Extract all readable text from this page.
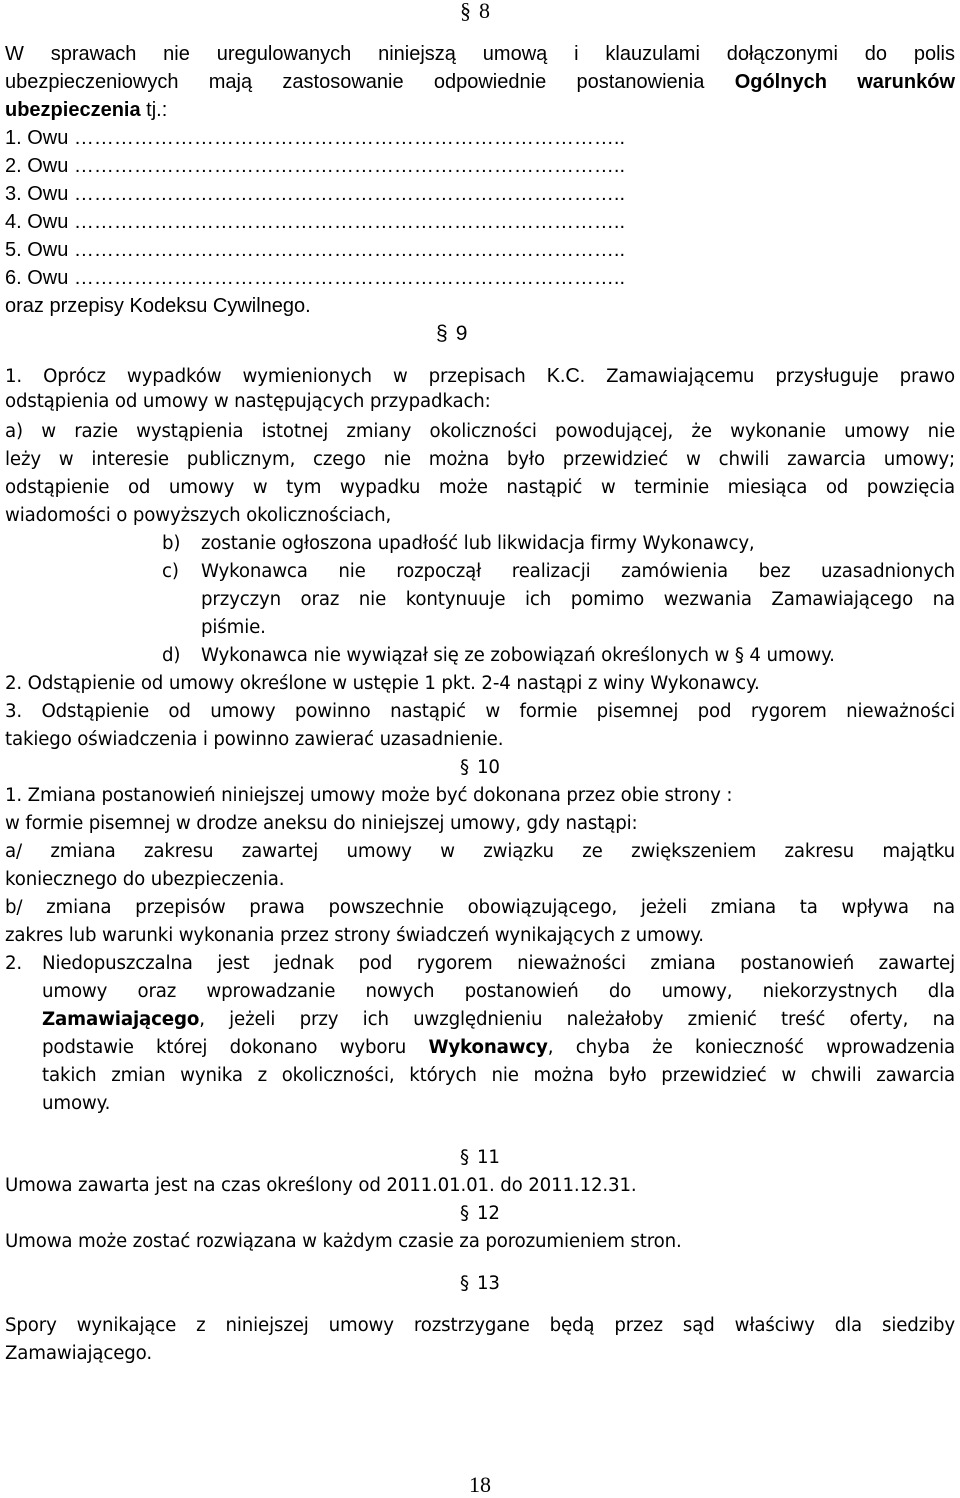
§ 8
W sprawach nie uregulowanych niniejszą umową i klauzulami dołączonymi do polis
ubezpieczeniowych mają zastosowanie odpowiednie postanowienia Ogólnych warunków
ubezpieczenia tj.:
1. Owu ………………………………………………………………………..
2. Owu ………………………………………………………………………..
3. Owu ………………………………………………………………………..
4. Owu ………………………………………………………………………..
5. Owu ………………………………………………………………………..
6. Owu ………………………………………………………………………..
oraz przepisy Kodeksu Cywilnego.
§ 9
1. Oprócz wypadków wymienionych w przepisach K.C. Zamawiającemu przysługuje prawo
odstąpienia od umowy w następujących przypadkach:
a) w razie wystąpienia istotnej zmiany okoliczności powodującej, że wykonanie umowy nie
leży w interesie publicznym, czego nie można było przewidzieć w chwili zawarcia umowy;
odstąpienie od umowy w tym wypadku może nastąpić w terminie miesiąca od powzięcia
wiadomości o powyższych okolicznościach,
b) zostanie ogłoszona upadłość lub likwidacja firmy Wykonawcy,
c) Wykonawca nie rozpoczął realizacji zamówienia bez uzasadnionych
przyczyn oraz nie kontynuuje ich pomimo wezwania Zamawiającego na
piśmie.
d) Wykonawca nie wywiązał się ze zobowiązań określonych w § 4 umowy.
2. Odstąpienie od umowy określone w ustępie 1 pkt. 2-4 nastąpi z winy Wykonawcy.
3. Odstąpienie od umowy powinno nastąpić w formie pisemnej pod rygorem nieważności
takiego oświadczenia i powinno zawierać uzasadnienie.
§ 10
1. Zmiana postanowień niniejszej umowy może być dokonana przez obie strony :
w formie pisemnej w drodze aneksu do niniejszej umowy, gdy nastąpi:
a/ zmiana zakresu zawartej umowy w związku ze zwiększeniem zakresu majątku
koniecznego do ubezpieczenia.
b/ zmiana przepisów prawa powszechnie obowiązującego, jeżeli zmiana ta wpływa na
zakres lub warunki wykonania przez strony świadczeń wynikających z umowy.
2. Niedopuszczalna jest jednak pod rygorem nieważności zmiana postanowień zawartej
umowy oraz wprowadzanie nowych postanowień do umowy, niekorzystnych dla
Zamawiającego, jeżeli przy ich uwzględnieniu należałoby zmienić treść oferty, na
podstawie której dokonano wyboru Wykonawcy, chyba że konieczność wprowadzenia
takich zmian wynika z okoliczności, których nie można było przewidzieć w chwili zawarcia
umowy.
§ 11
Umowa zawarta jest na czas określony od 2011.01.01. do 2011.12.31.
§ 12
Umowa może zostać rozwiązana w każdym czasie za porozumieniem stron.
§ 13
Spory wynikające z niniejszej umowy rozstrzygane będą przez sąd właściwy dla siedziby
Zamawiającego.
18
